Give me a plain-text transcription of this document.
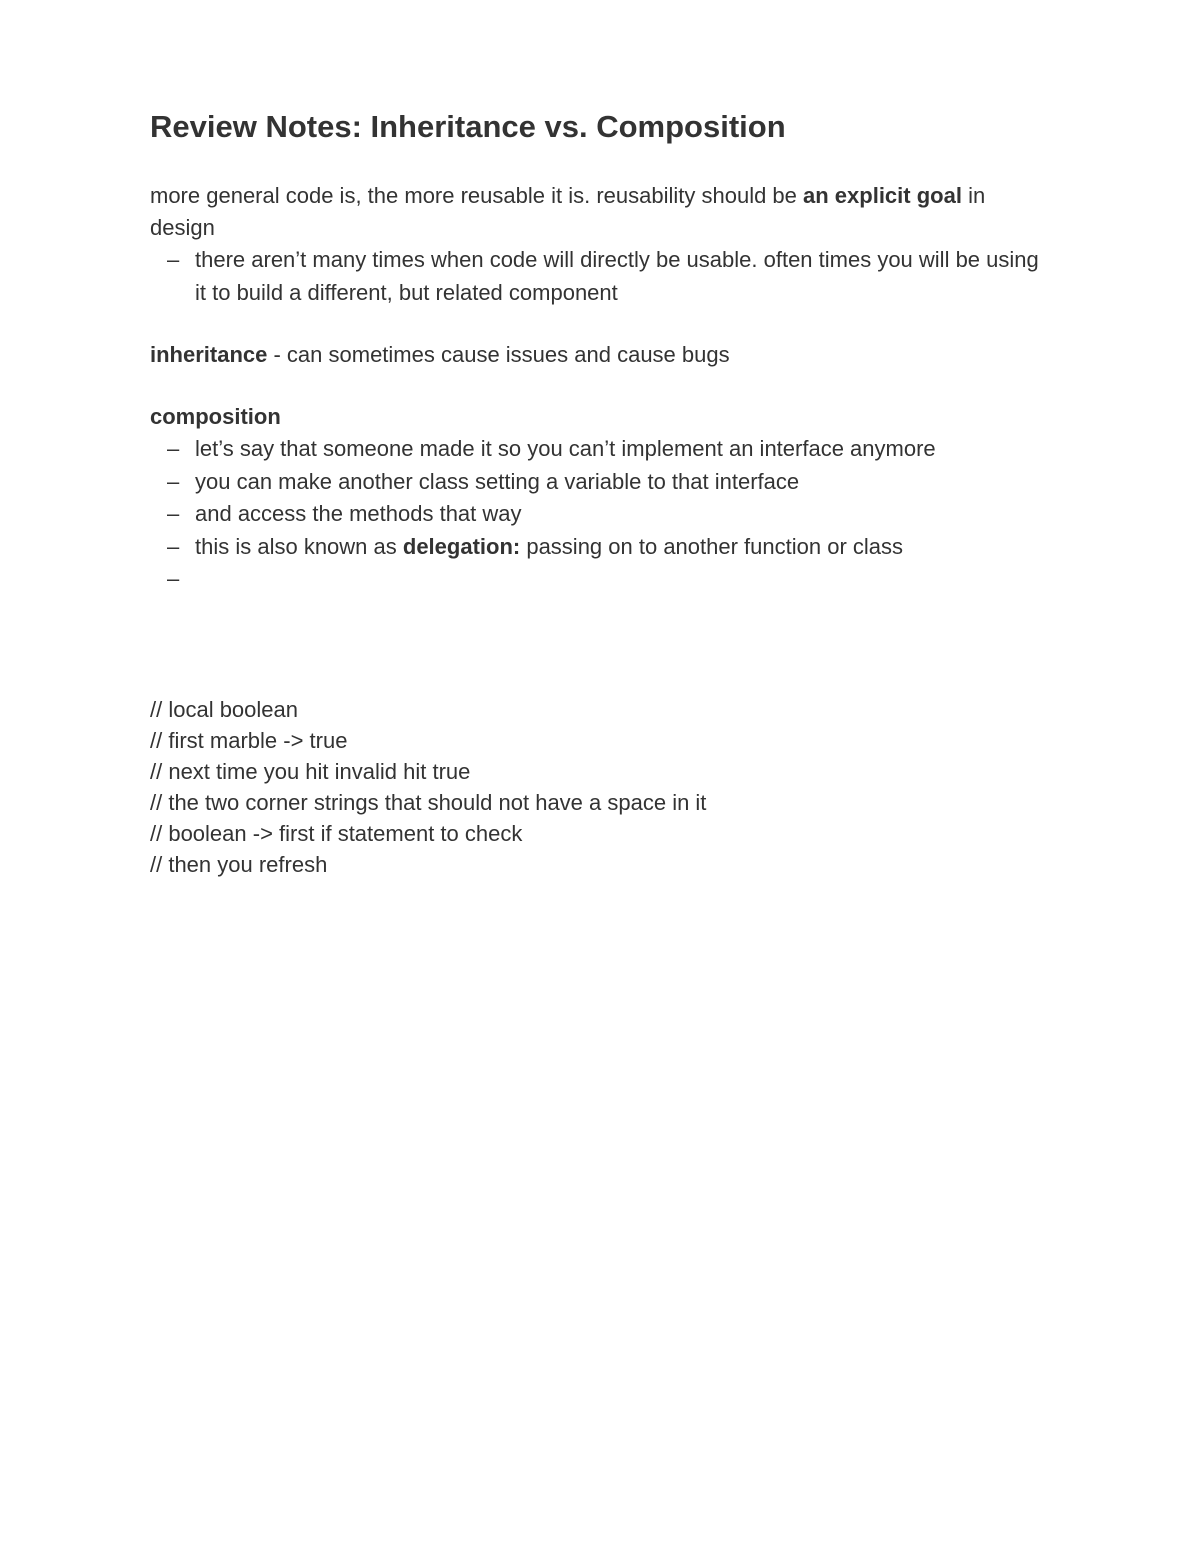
Review Notes: Inheritance vs. Composition

more general code is, the more reusable it is. reusability should be an explicit goal in design

– there aren’t many times when code will directly be usable. often times you will be using it to build a different, but related component

inheritance - can sometimes cause issues and cause bugs

composition

– let’s say that someone made it so you can’t implement an interface anymore
– you can make another class setting a variable to that interface
– and access the methods that way
– this is also known as delegation: passing on to another function or class
–

// local boolean

// first marble -> true

// next time you hit invalid hit true

// the two corner strings that should not have a space in it

// boolean -> first if statement to check

// then you refresh
